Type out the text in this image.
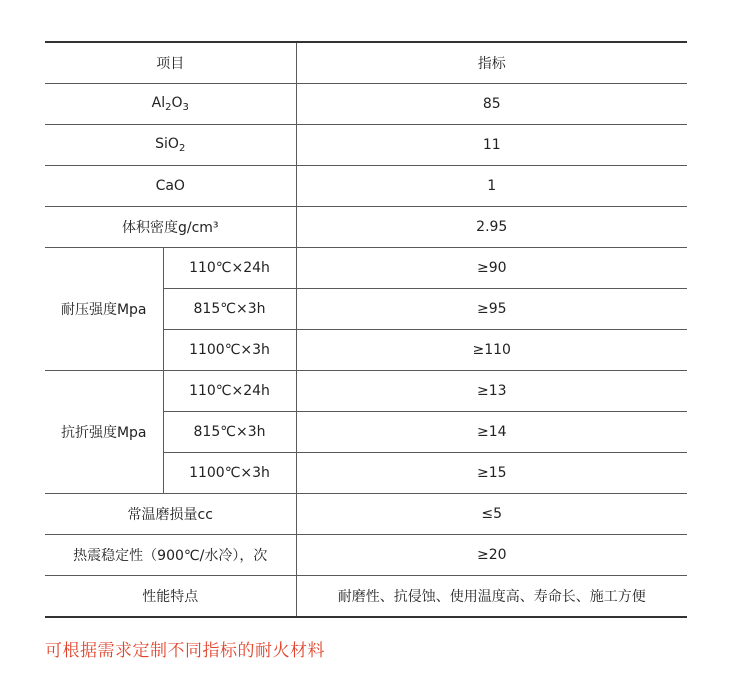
项目		指标
$Al_2O_3$		85
SiO$_2$		11
CaO		1
体积密度g/cm³		2.95
耐压强度Mpa	110℃×24h	≥90
	815℃×3h	≥95
	1100℃×3h	≥110
抗折强度Mpa	110℃×24h	≥13
	815℃×3h	≥14
	1100℃×3h	≥15
常温磨损量cc		≤5
热震稳定性（900℃/水冷），次		≥20
性能特点		耐磨性、抗侵蚀、使用温度高、寿命长、施工方便
可根据需求定制不同指标的耐火材料
